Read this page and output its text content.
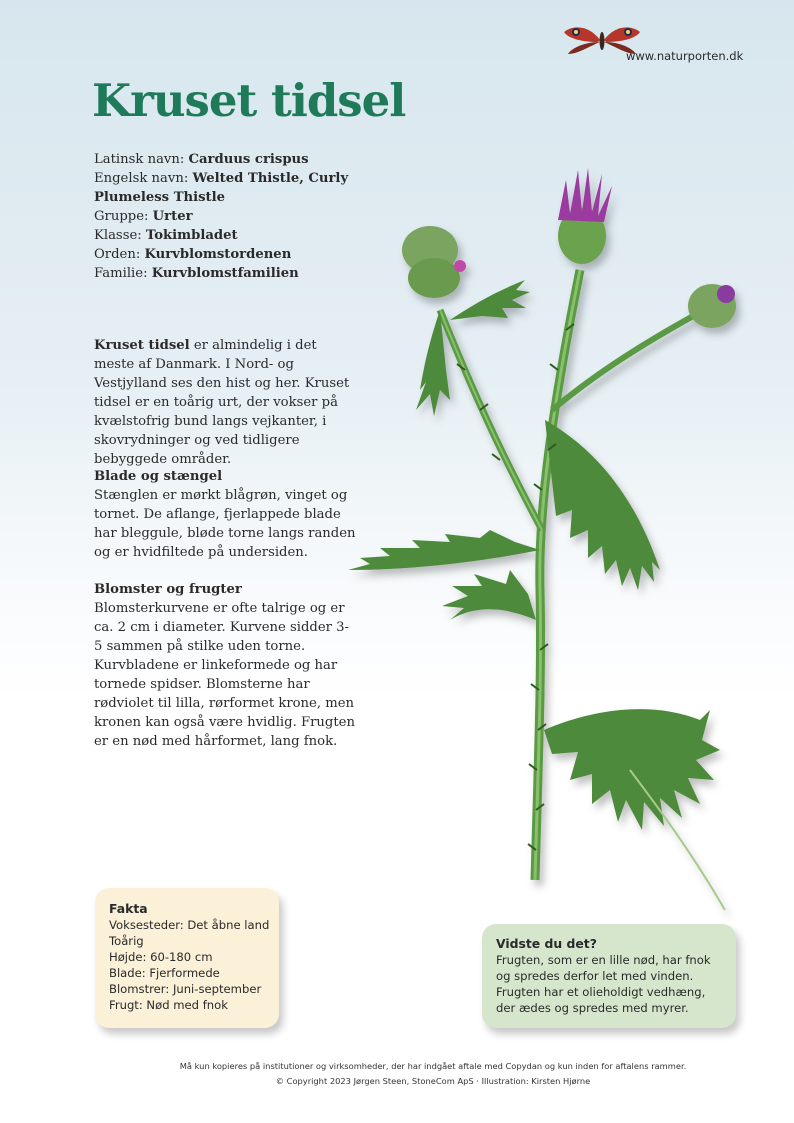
www.naturporten.dk
Kruset tidsel
Latinsk navn: Carduus crispus
Engelsk navn: Welted Thistle, Curly Plumeless Thistle
Gruppe: Urter
Klasse: Tokimbladet
Orden: Kurvblomstordenen
Familie: Kurvblomstfamilien

Kruset tidsel er almindelig i det meste af Danmark. I Nord- og Vestjylland ses den hist og her. Kruset tidsel er en toårig urt, der vokser på kvælstofrig bund langs vejkanter, i skovrydninger og ved tidligere bebyggede områder.

Blade og stængel

Stænglen er mørkt blågrøn, vinget og tornet. De aflange, fjerlappede blade har bleggule, bløde torne langs randen og er hvidfiltede på undersiden.

Blomster og frugter

Blomsterkurvene er ofte talrige og er ca. 2 cm i diameter. Kurvene sidder 3-5 sammen på stilke uden torne. Kurvbladene er linkeformede og har tornede spidser. Blomsterne har rødviolet til lilla, rørformet krone, men kronen kan også være hvidlig. Frugten er en nød med hårformet, lang fnok.

Fakta
Voksesteder: Det åbne land
Toårig
Højde: 60-180 cm
Blade: Fjerformede
Blomstrer: Juni-september
Frugt: Nød med fnok
Vidste du det?

Frugten, som er en lille nød, har fnok og spredes derfor let med vinden. Frugten har et olieholdigt vedhæng, der ædes og spredes med myrer.

Må kun kopieres på institutioner og virksomheder, der har indgået aftale med Copydan og kun inden for aftalens rammer.
© Copyright 2023 Jørgen Steen, StoneCom ApS · Illustration: Kirsten Hjørne
